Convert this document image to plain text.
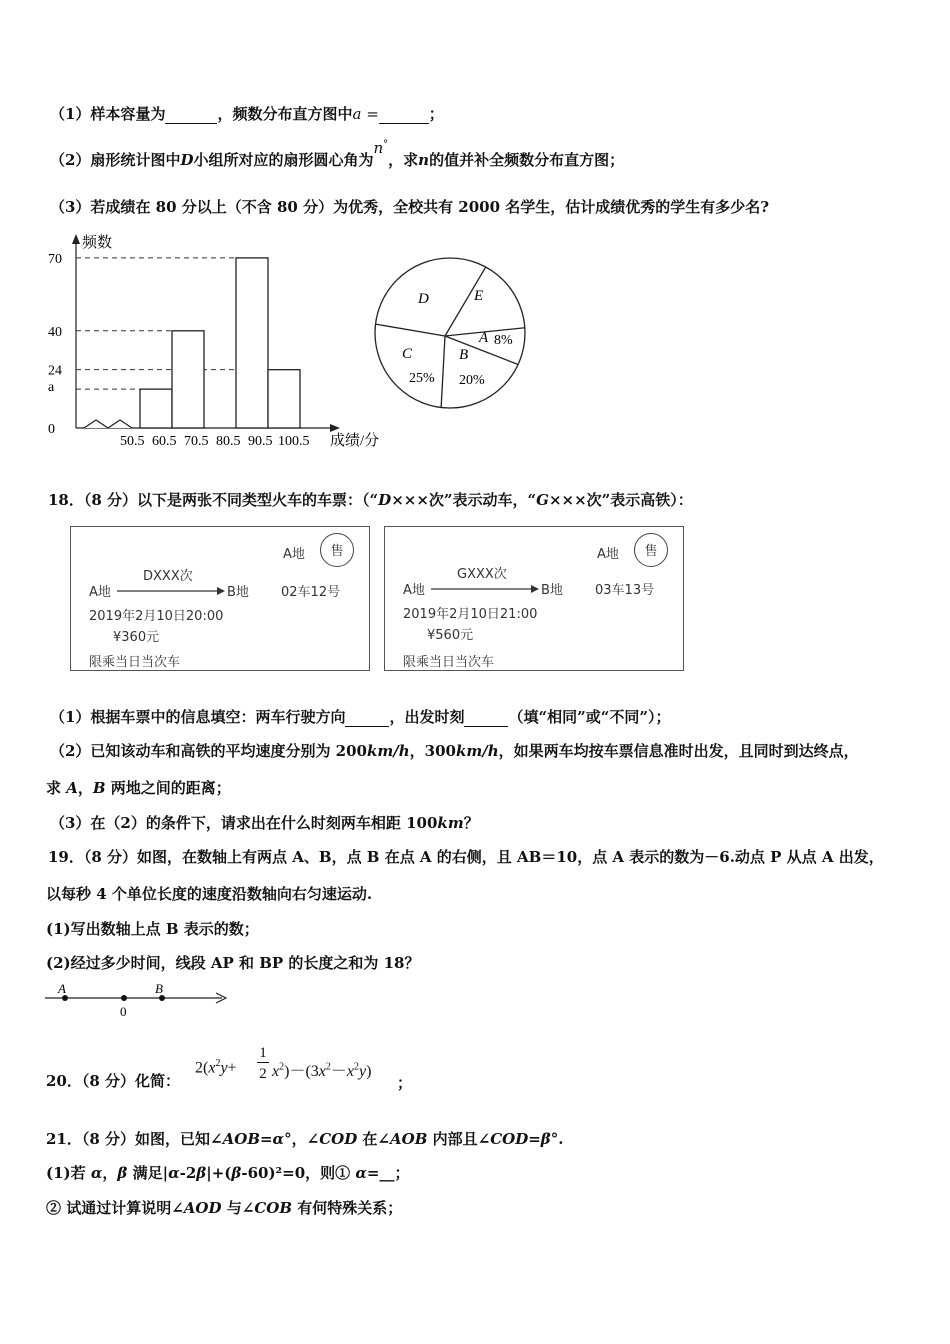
（1）样本容量为	，频数分布直方图中a =	；
（2）扇形统计图中D小组所对应的扇形圆心角为n°，求n的值并补全频数分布直方图；
（3）若成绩在 80 分以上（不含 80 分）为优秀，全校共有 2000 名学生，估计成绩优秀的学生有多少名?
频数
成绩/分
0
a
24
40
70
50.5 60.5 70.5 80.5 90.5 100.5
A 8%
B
20%
C
25%
D	E
18．（8 分）以下是两张不同类型火车的车票：（“D×××次”表示动车，“G×××次”表示高铁）：
A地	售
DXXX次
A地	B地 02车12号
2019年2月10日20:00
¥360元
限乘当日当次车
A地	售
GXXX次
A地	B地 03车13号
2019年2月10日21:00
¥560元
限乘当日当次车
（1）根据车票中的信息填空：两车行驶方向	，出发时刻	（填“相同”或“不同”）；
（2）已知该动车和高铁的平均速度分别为 200km/h，300km/h，如果两车均按车票信息准时出发，且同时到达终点，
求 A，B 两地之间的距离；
（3）在（2）的条件下，请求出在什么时刻两车相距 100km？
19．（8 分）如图，在数轴上有两点 A、B，点 B 在点 A 的右侧，且 AB＝10，点 A 表示的数为－6.动点 P 从点 A 出发，
以每秒 4 个单位长度的速度沿数轴向右匀速运动.
(1)写出数轴上点 B 表示的数；
(2)经过多少时间，线段 AP 和 BP 的长度之和为 18？
A
0
B
20．（8 分）化简：
$2(x^2y+$
1
2 $x^2)-(3x^2-x^2y)$
；
21．（8 分）如图，已知∠AOB=α°，∠COD 在∠AOB 内部且∠COD=β°.
(1)若 α，β 满足|α-2β|+(β-60)²=0，则① α=__；
② 试通过计算说明∠AOD 与∠COB 有何特殊关系；
